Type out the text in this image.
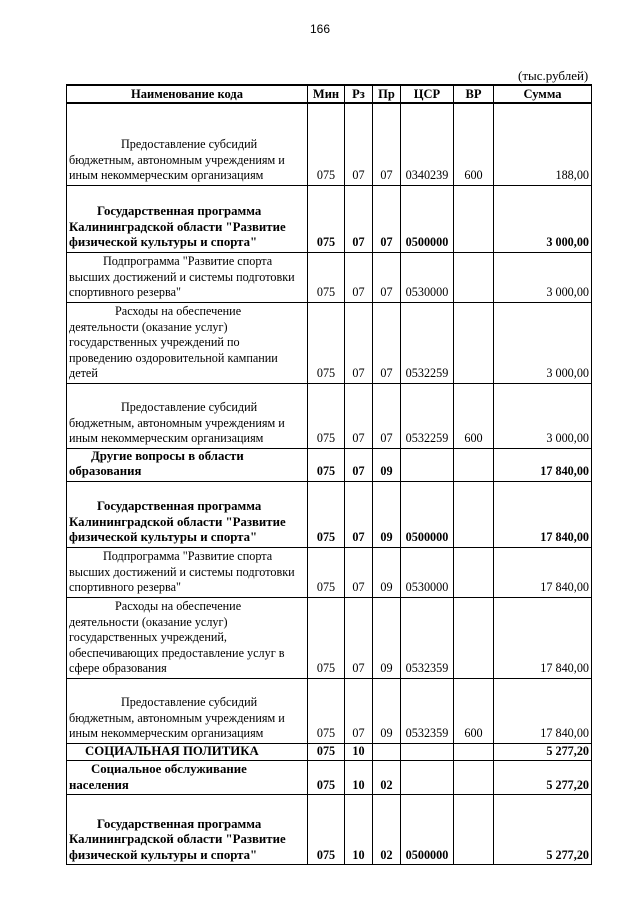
166
(тыс.рублей)
Наименование кода	Мин	Рз	Пр	ЦСР	ВР	Сумма

Предоставление субсидий бюджетным, автономным учреждениям и иным некоммерческим организациям	075	07	07	0340239	600	188,00

Государственная программа Калининградской области "Развитие физической культуры и спорта"	075	07	07	0500000		3 000,00

Подпрограмма "Развитие спорта высших достижений и системы подготовки спортивного резерва"	075	07	07	0530000		3 000,00

Расходы на обеспечение деятельности (оказание услуг) государственных учреждений по проведению оздоровительной кампании детей	075	07	07	0532259		3 000,00

Предоставление субсидий бюджетным, автономным учреждениям и иным некоммерческим организациям	075	07	07	0532259	600	3 000,00

Другие вопросы в области образования	075	07	09			17 840,00

Государственная программа Калининградской области "Развитие физической культуры и спорта"	075	07	09	0500000		17 840,00

Подпрограмма "Развитие спорта высших достижений и системы подготовки спортивного резерва"	075	07	09	0530000		17 840,00

Расходы на обеспечение деятельности (оказание услуг) государственных учреждений, обеспечивающих предоставление услуг в сфере образования	075	07	09	0532359		17 840,00

Предоставление субсидий бюджетным, автономным учреждениям и иным некоммерческим организациям	075	07	09	0532359	600	17 840,00

СОЦИАЛЬНАЯ ПОЛИТИКА	075	10				5 277,20

Социальное обслуживание населения	075	10	02			5 277,20

Государственная программа Калининградской области "Развитие физической культуры и спорта"	075	10	02	0500000		5 277,20
